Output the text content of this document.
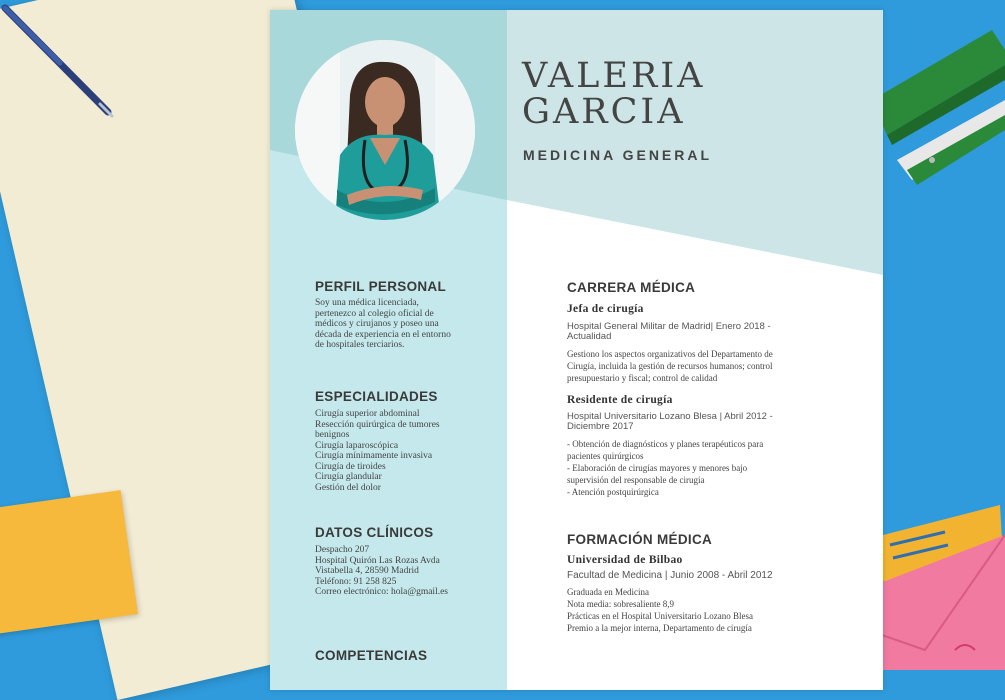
VALERIA
GARCIA
MEDICINA GENERAL
PERFIL PERSONAL
Soy una médica licenciada,
pertenezco al colegio oficial de
médicos y cirujanos y poseo una
década de experiencia en el entorno
de hospitales terciarios.
ESPECIALIDADES
Cirugía superior abdominal
Resección quirúrgica de tumores
benignos
Cirugía laparoscópica
Cirugía mínimamente invasiva
Cirugía de tiroides
Cirugía glandular
Gestión del dolor
DATOS CLÍNICOS
Despacho 207
Hospital Quirón Las Rozas Avda
Vistabella 4, 28590 Madrid
Teléfono: 91 258 825
Correo electrónico: hola@gmail.es
COMPETENCIAS
CARRERA MÉDICA
Jefa de cirugía
Hospital General Militar de Madrid| Enero 2018 -
Actualidad
Gestiono los aspectos organizativos del Departamento de
Cirugía, incluida la gestión de recursos humanos; control
presupuestario y fiscal; control de calidad
Residente de cirugía
Hospital Universitario Lozano Blesa | Abril 2012 -
Diciembre 2017
- Obtención de diagnósticos y planes terapéuticos para
pacientes quirúrgicos
- Elaboración de cirugías mayores y menores bajo
supervisión del responsable de cirugía
- Atención postquirúrgica
FORMACIÓN MÉDICA
Universidad de Bilbao
Facultad de Medicina | Junio 2008 - Abril 2012
Graduada en Medicina
Nota media: sobresaliente 8,9
Prácticas en el Hospital Universitario Lozano Blesa
Premio a la mejor interna, Departamento de cirugía
